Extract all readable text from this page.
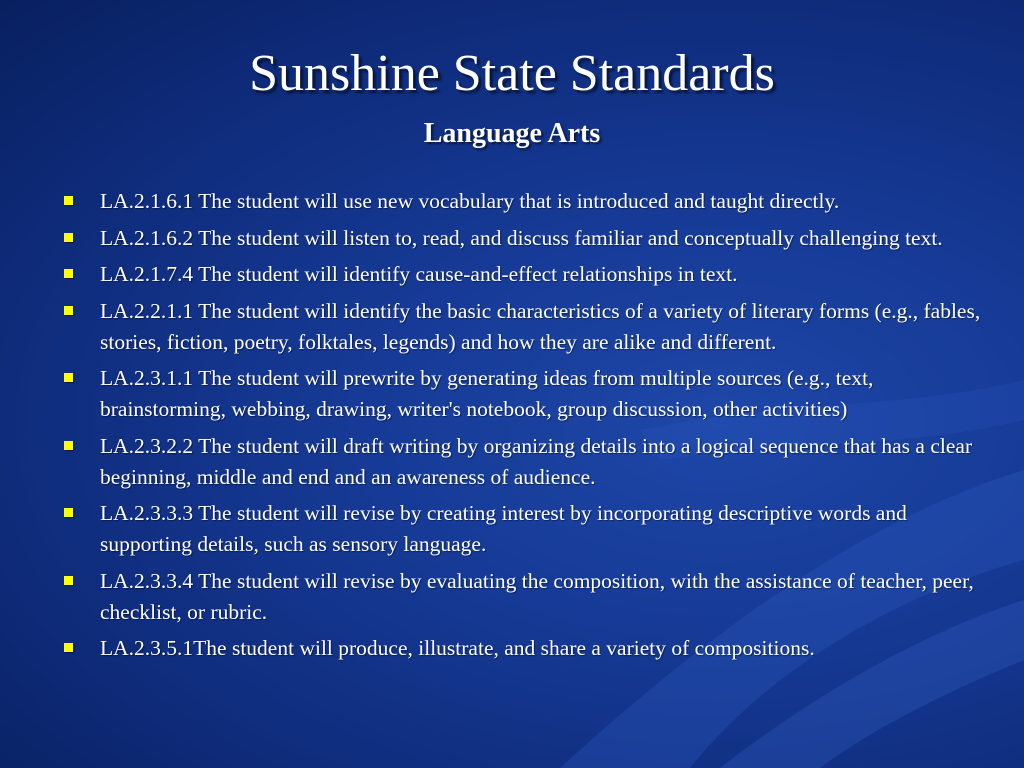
Sunshine State Standards
Language Arts
LA.2.1.6.1 The student will use new vocabulary that is introduced and taught directly.
LA.2.1.6.2 The student will listen to, read, and discuss familiar and conceptually challenging text.
LA.2.1.7.4 The student will identify cause-and-effect relationships in text.
LA.2.2.1.1 The student will identify the basic characteristics of a variety of literary forms (e.g., fables, stories, fiction, poetry, folktales, legends) and how they are alike and different.
LA.2.3.1.1 The student will prewrite by generating ideas from multiple sources (e.g., text, brainstorming, webbing, drawing, writer's notebook, group discussion, other activities)
LA.2.3.2.2 The student will draft writing by organizing details into a logical sequence that has a clear beginning, middle and end and an awareness of audience.
LA.2.3.3.3 The student will revise by creating interest by incorporating descriptive words and supporting details, such as sensory language.
LA.2.3.3.4 The student will revise by evaluating the composition, with the assistance of teacher, peer, checklist, or rubric.
LA.2.3.5.1The student will produce, illustrate, and share a variety of compositions.
